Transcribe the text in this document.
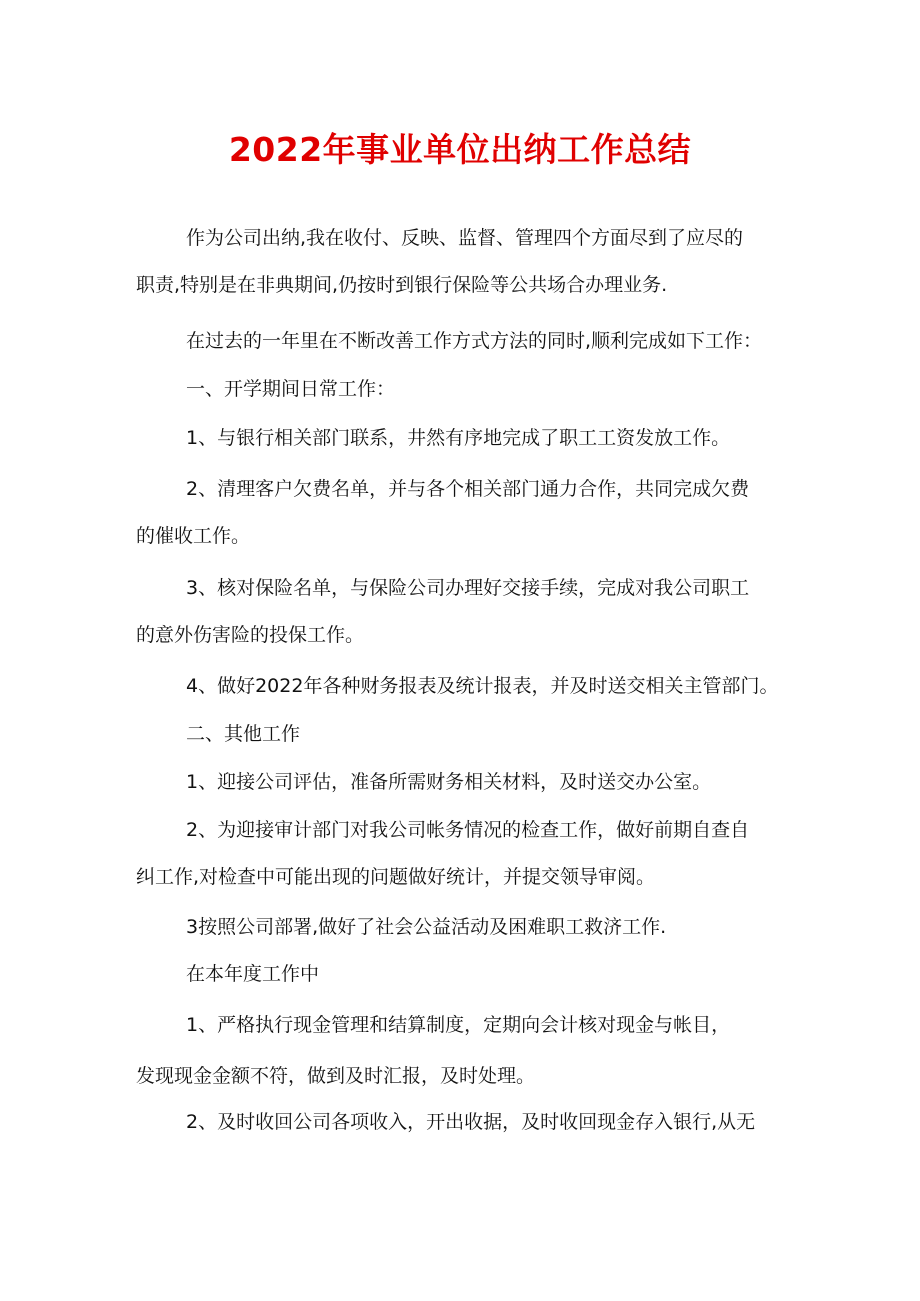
2022年事业单位出纳工作总结
作为公司出纳,我在收付、反映、监督、管理四个方面尽到了应尽的
职责,特别是在非典期间,仍按时到银行保险等公共场合办理业务.
在过去的一年里在不断改善工作方式方法的同时,顺利完成如下工作：
一、开学期间日常工作：
1、与银行相关部门联系，井然有序地完成了职工工资发放工作。
2、清理客户欠费名单，并与各个相关部门通力合作，共同完成欠费
的催收工作。
3、核对保险名单，与保险公司办理好交接手续，完成对我公司职工
的意外伤害险的投保工作。
4、做好2022年各种财务报表及统计报表，并及时送交相关主管部门。
二、其他工作
1、迎接公司评估，准备所需财务相关材料，及时送交办公室。
2、为迎接审计部门对我公司帐务情况的检查工作，做好前期自查自
纠工作,对检查中可能出现的问题做好统计，并提交领导审阅。
3按照公司部署,做好了社会公益活动及困难职工救济工作.
在本年度工作中
1、严格执行现金管理和结算制度，定期向会计核对现金与帐目，
发现现金金额不符，做到及时汇报，及时处理。
2、及时收回公司各项收入，开出收据，及时收回现金存入银行,从无
